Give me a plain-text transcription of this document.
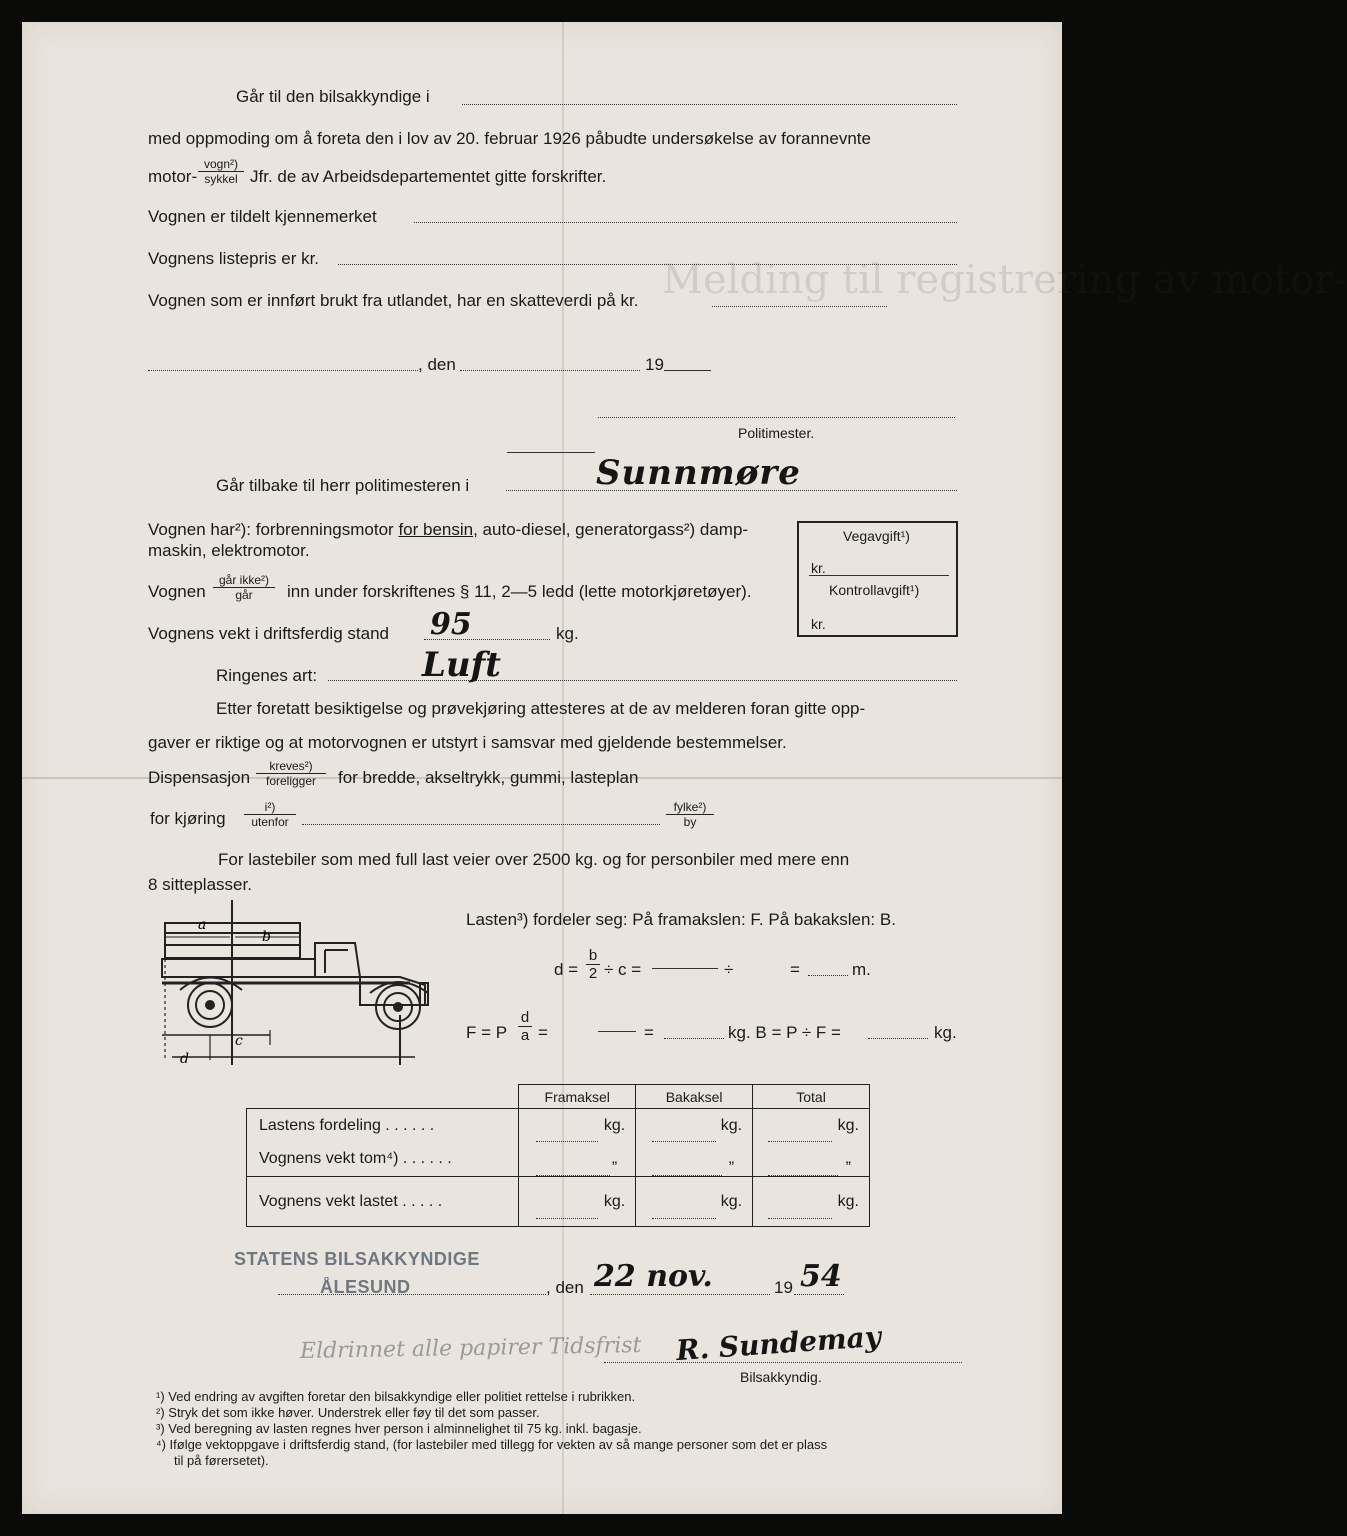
Melding til registrering av motor-
Går til den bilsakkyndige i
med oppmoding om å foreta den i lov av 20. februar 1926 påbudte undersøkelse av forannevnte
motor-
vogn²)
sykkel Jfr. de av Arbeidsdepartementet gitte forskrifter.
Vognen er tildelt kjennemerket
Vognens listepris er kr.
Vognen som er innført brukt fra utlandet, har en skatteverdi på kr.
, den	19
Politimester.
Går tilbake til herr politimesteren i	Sunnmøre
Vognen har²): forbrenningsmotor for bensin, auto-diesel, generatorgass²) damp-
maskin, elektromotor.
Vegavgift¹)
kr.
Kontrollavgift¹)
kr.
Vognen
går ikke²)
går	inn under forskriftenes § 11, 2—5 ledd (lette motorkjøretøyer).
Vognens vekt i driftsferdig stand 95	kg.
Ringenes art:	Luft
Etter foretatt besiktigelse og prøvekjøring attesteres at de av melderen foran gitte opp-
gaver er riktige og at motorvognen er utstyrt i samsvar med gjeldende bestemmelser.
Dispensasjon
kreves²)
foreligger	for bredde, akseltrykk, gummi, lasteplan
for kjøring
i²)
utenfor
fylke²)
by
For lastebiler som med full last veier over 2500 kg. og for personbiler med mere enn
8 sitteplasser.
a
b
c
d
Lasten³) fordeler seg: På framakslen: F. På bakakslen: B.
d =
b
2 ÷ c =	÷	=	m.
F = P
d
a =	=	kg. B = P ÷ F =	kg.
	Framaksel	Bakaksel	Total
Lastens fordeling . . . . . .	kg.	kg.	kg.
Vognens vekt tom⁴) . . . . . .	„	„	„
Vognens vekt lastet . . . . .	kg.	kg.	kg.
STATENS BILSAKKYNDIGE
ÅLESUND	, den 22 nov.	19 54
Eldrinnet alle papirer Tidsfrist R. Sundemay
Bilsakkyndig.
¹) Ved endring av avgiften foretar den bilsakkyndige eller politiet rettelse i rubrikken.
²) Stryk det som ikke høver. Understrek eller føy til det som passer.
³) Ved beregning av lasten regnes hver person i alminnelighet til 75 kg. inkl. bagasje.
⁴) Ifølge vektoppgave i driftsferdig stand, (for lastebiler med tillegg for vekten av så mange personer som det er plass
til på førersetet).
